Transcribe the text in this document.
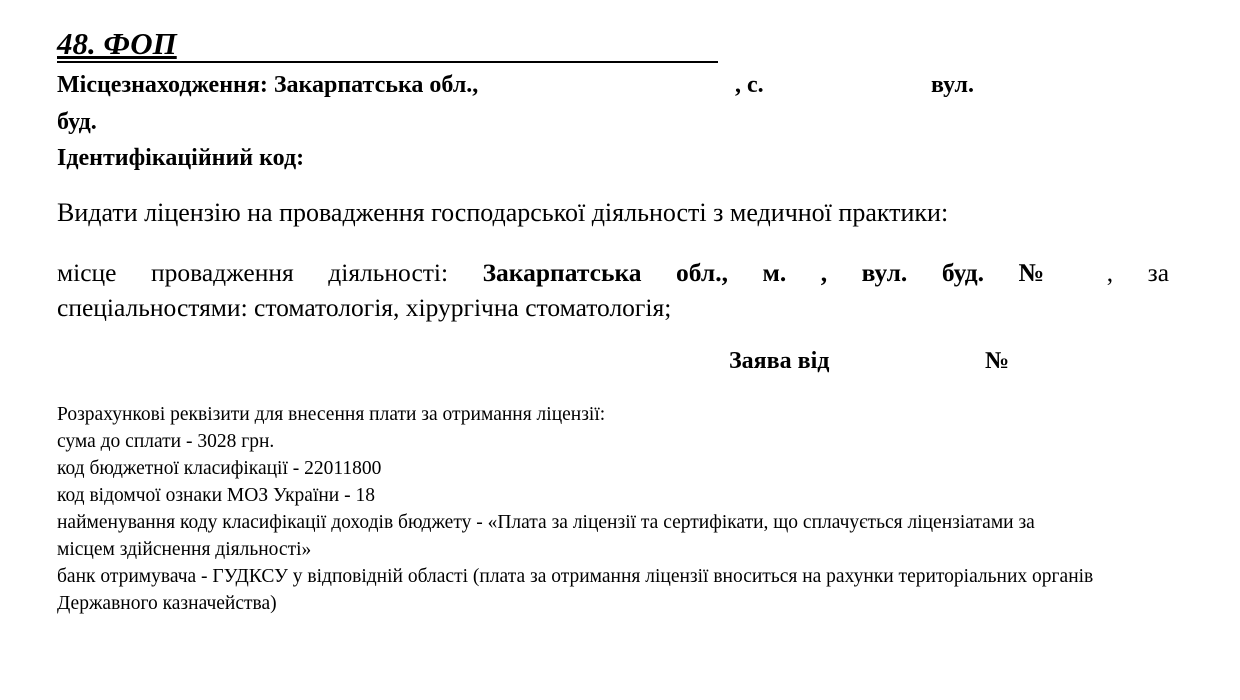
48. ФОП
Місцезнаходження: Закарпатська обл.,	, с.	вул.
буд.
Ідентифікаційний код:
Видати ліцензію на провадження господарської діяльності з медичної практики:
місце провадження діяльності: Закарпатська обл., м. , вул. буд. № , за
спеціальностями: стоматологія, хірургічна стоматологія;
Заява від	№
Розрахункові реквізити для внесення плати за отримання ліцензії:
сума до сплати - 3028 грн.
код бюджетної класифікації - 22011800
код відомчої ознаки МОЗ України - 18
найменування коду класифікації доходів бюджету - «Плата за ліцензії та сертифікати, що сплачується ліцензіатами за
місцем здійснення діяльності»
банк отримувача - ГУДКСУ у відповідній області (плата за отримання ліцензії вноситься на рахунки територіальних органів
Державного казначейства)
